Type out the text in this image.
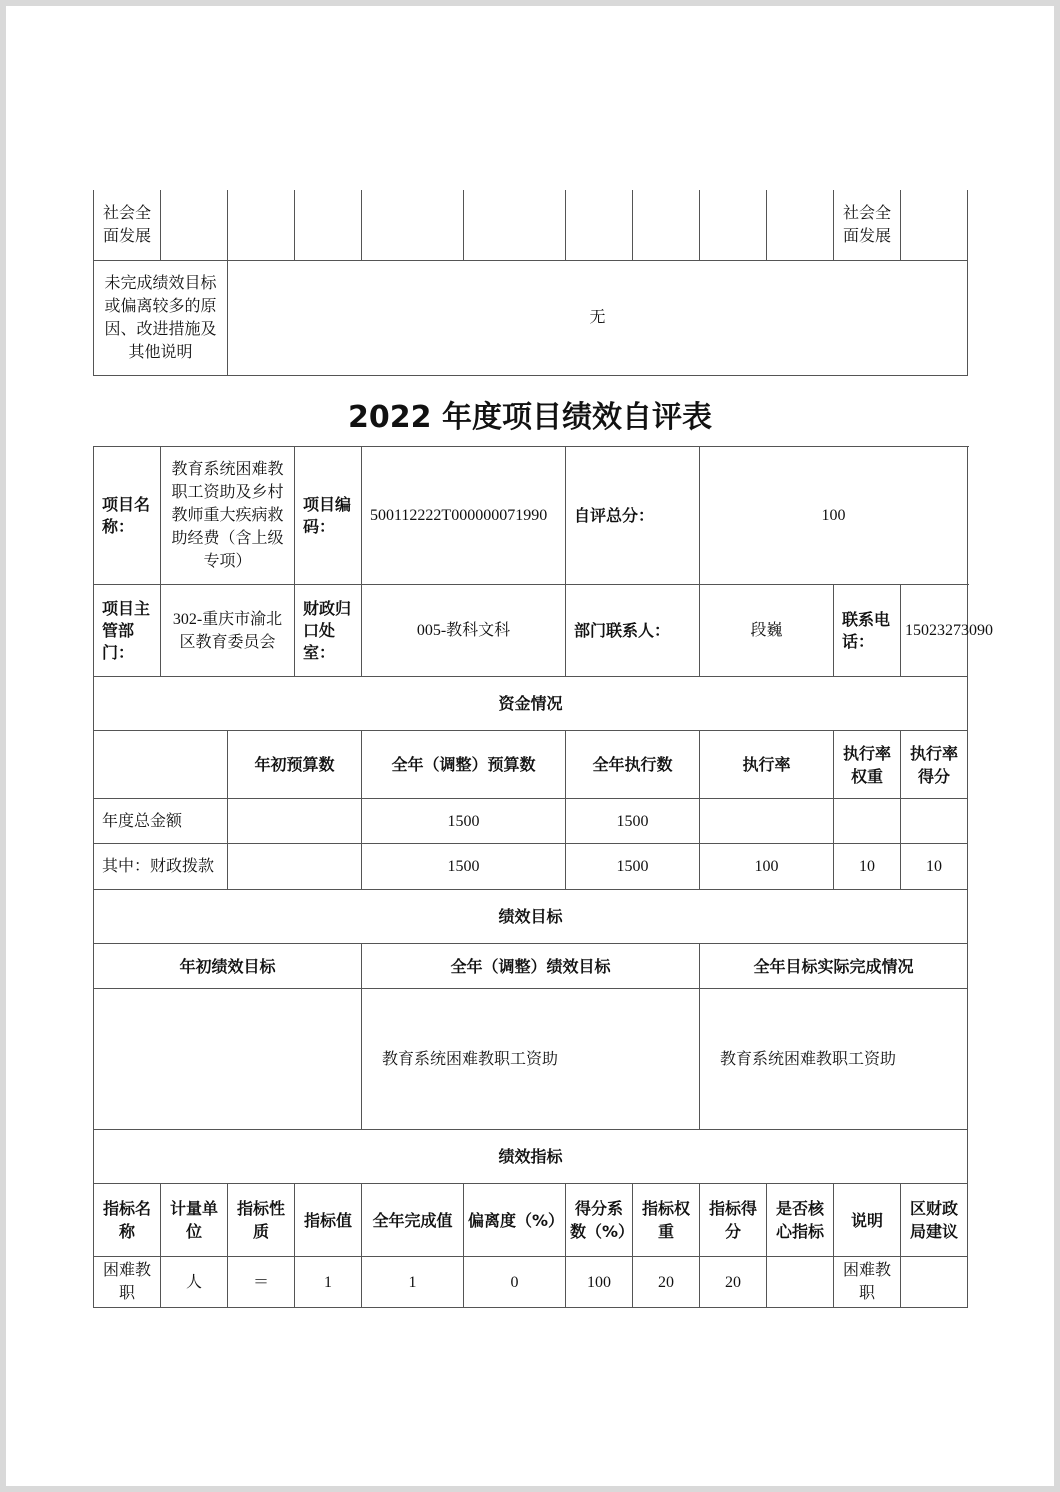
社会全面发展										社会全面发展	
未完成绩效目标或偏离较多的原因、改进措施及其他说明		无									
2022 年度项目绩效自评表
项目名称：	教育系统困难教职工资助及乡村教师重大疾病救助经费（含上级专项）		项目编码：	500112222T000000071990		自评总分：		100			
项目主管部门：	302-重庆市渝北区教育委员会		财政归口处室：	005-教科文科		部门联系人：		段巍		联系电话：	15023273090
资金情况											
		年初预算数		全年（调整）预算数		全年执行数		执行率		执行率权重	执行率得分
年度总金额				1500		1500					
其中：财政拨款				1500		1500		100		10	10
绩效目标											
年初绩效目标				全年（调整）绩效目标				全年目标实际完成情况			
				教育系统困难教职工资助				教育系统困难教职工资助			
绩效指标											
指标名称	计量单位	指标性质	指标值	全年完成值	偏离度（%）	得分系数（%）	指标权重	指标得分	是否核心指标	说明	区财政局建议
困难教职	人	＝	1	1	0	100	20	20		困难教职	
